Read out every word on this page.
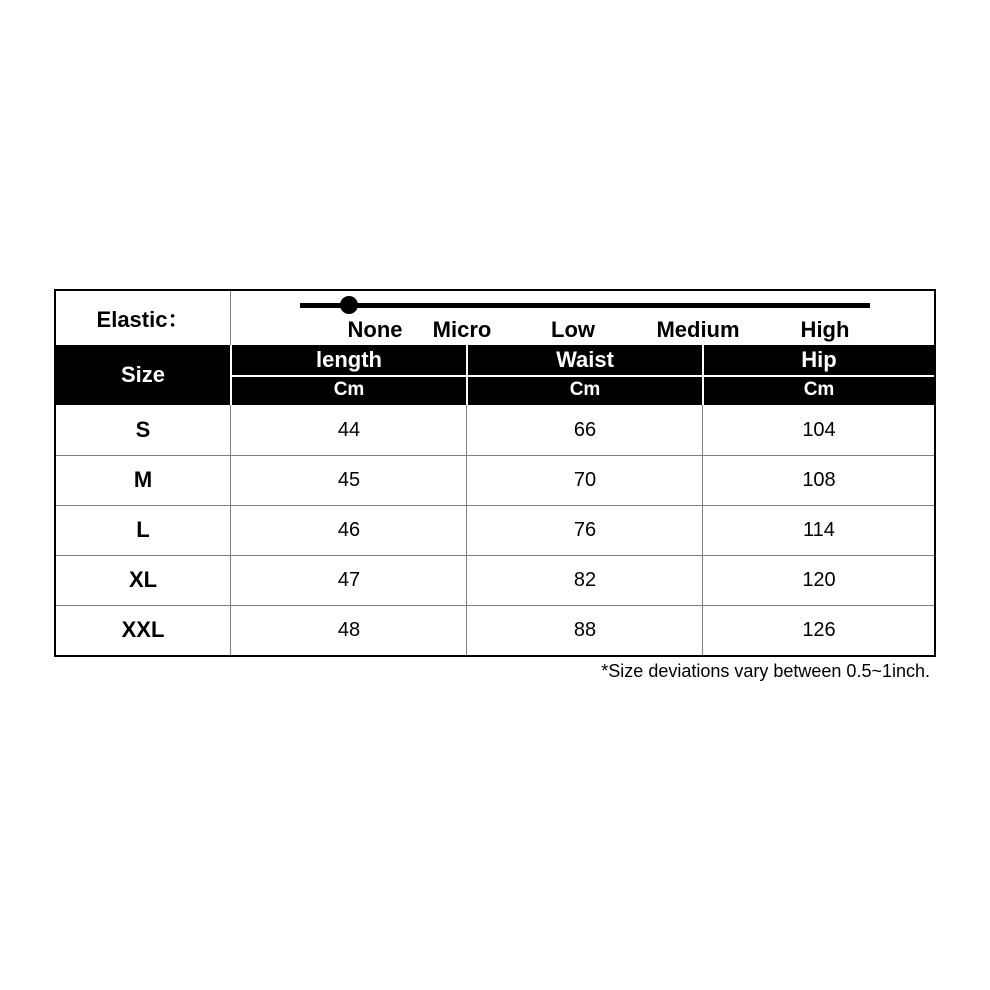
Elastic：	None Micro	Low	Medium	High
Size
length	Waist	Hip
Cm	Cm	Cm
S	44	66	104
M	45	70	108
L	46	76	114
XL	47	82	120
XXL	48	88	126
*Size deviations vary between 0.5~1inch.
